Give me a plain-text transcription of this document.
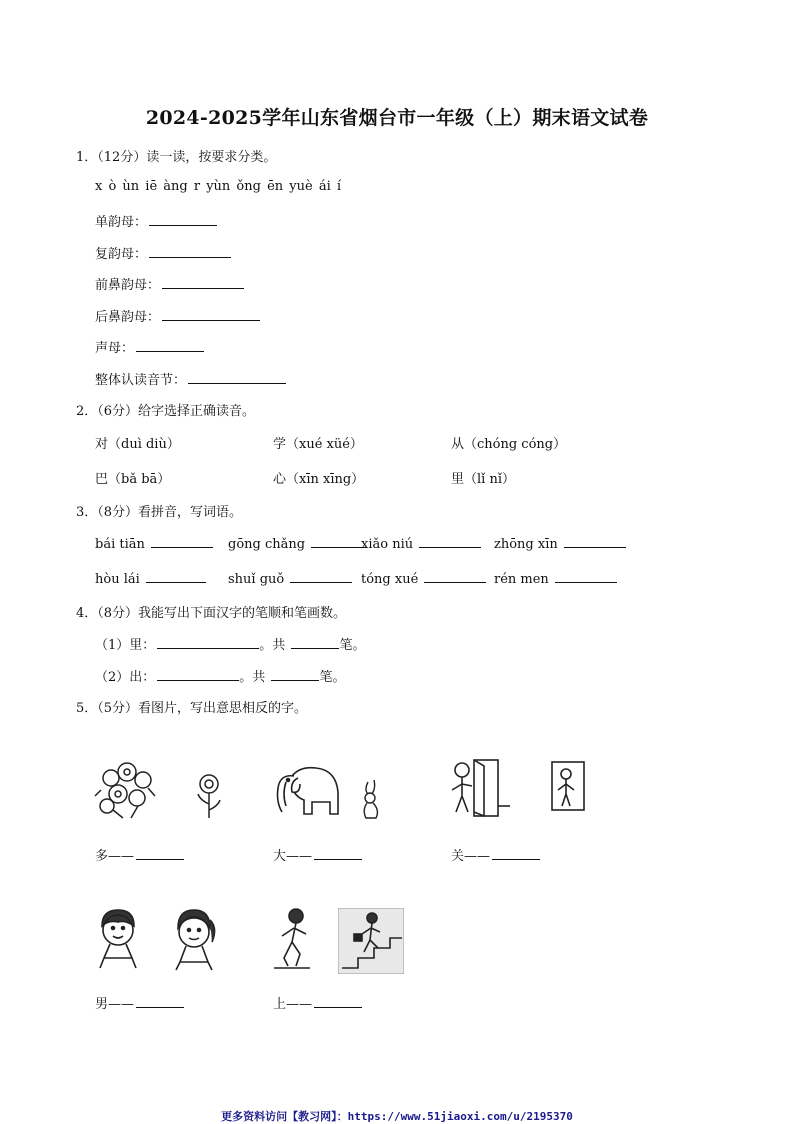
2024-2025学年山东省烟台市一年级（上）期末语文试卷
1．（12分）读一读，按要求分类。
x ò ùn iē àng r yùn ǒng ēn yuè ái í
单韵母：
复韵母：
前鼻韵母：
后鼻韵母：
声母：
整体认读音节：
2．（6分）给字选择正确读音。
对（duì diù）	学（xué xüé）	从（chóng cóng）
巴（bǎ bā）	心（xīn xīng）	里（lǐ nǐ）
3．（8分）看拼音，写词语。
bái tiān	gōng chǎng	xiǎo niú	zhōng xīn
hòu lái	shuǐ guǒ	tóng xué	rén men
4．（8分）我能写出下面汉字的笔顺和笔画数。
（1）里：	。共	笔。
（2）出：	。共	笔。
5．（5分）看图片，写出意思相反的字。
多——	大——	关——
男——	上——
更多资料访问【教习网】：https://www.51jiaoxi.com/u/2195370
